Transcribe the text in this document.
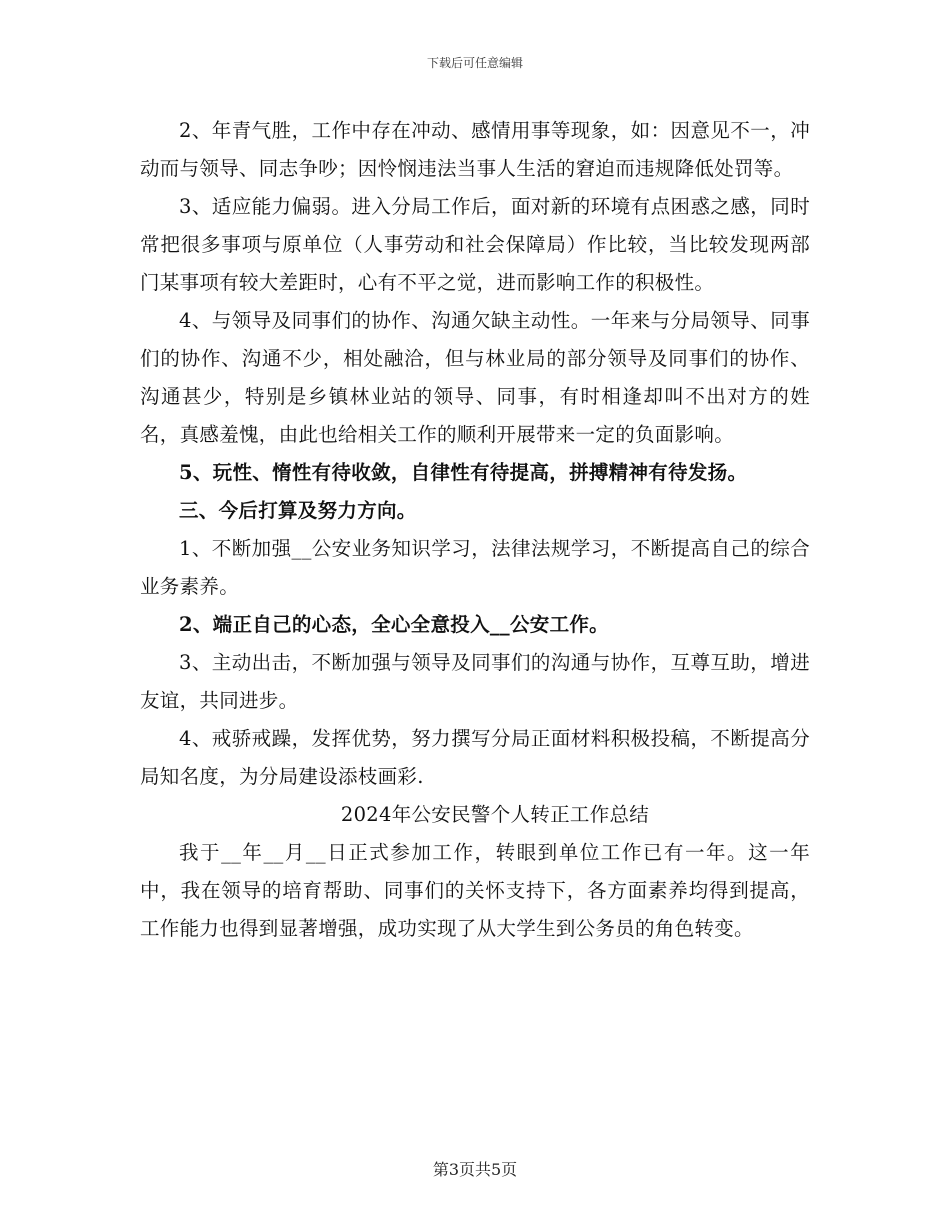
下载后可任意编辑

2、年青气胜，工作中存在冲动、感情用事等现象，如：因意见不一，冲动而与领导、同志争吵；因怜悯违法当事人生活的窘迫而违规降低处罚等。

3、适应能力偏弱。进入分局工作后，面对新的环境有点困惑之感，同时常把很多事项与原单位（人事劳动和社会保障局）作比较，当比较发现两部门某事项有较大差距时，心有不平之觉，进而影响工作的积极性。

4、与领导及同事们的协作、沟通欠缺主动性。一年来与分局领导、同事们的协作、沟通不少，相处融洽，但与林业局的部分领导及同事们的协作、沟通甚少，特别是乡镇林业站的领导、同事，有时相逢却叫不出对方的姓名，真感羞愧，由此也给相关工作的顺利开展带来一定的负面影响。

5、玩性、惰性有待收敛，自律性有待提高，拼搏精神有待发扬。

三、今后打算及努力方向。

1、不断加强__公安业务知识学习，法律法规学习，不断提高自己的综合业务素养。

2、端正自己的心态，全心全意投入__公安工作。

3、主动出击，不断加强与领导及同事们的沟通与协作，互尊互助，增进友谊，共同进步。

4、戒骄戒躁，发挥优势，努力撰写分局正面材料积极投稿，不断提高分局知名度，为分局建设添枝画彩.

2024年公安民警个人转正工作总结

我于__年__月__日正式参加工作，转眼到单位工作已有一年。这一年中，我在领导的培育帮助、同事们的关怀支持下，各方面素养均得到提高，工作能力也得到显著增强，成功实现了从大学生到公务员的角色转变。

第3页共5页
